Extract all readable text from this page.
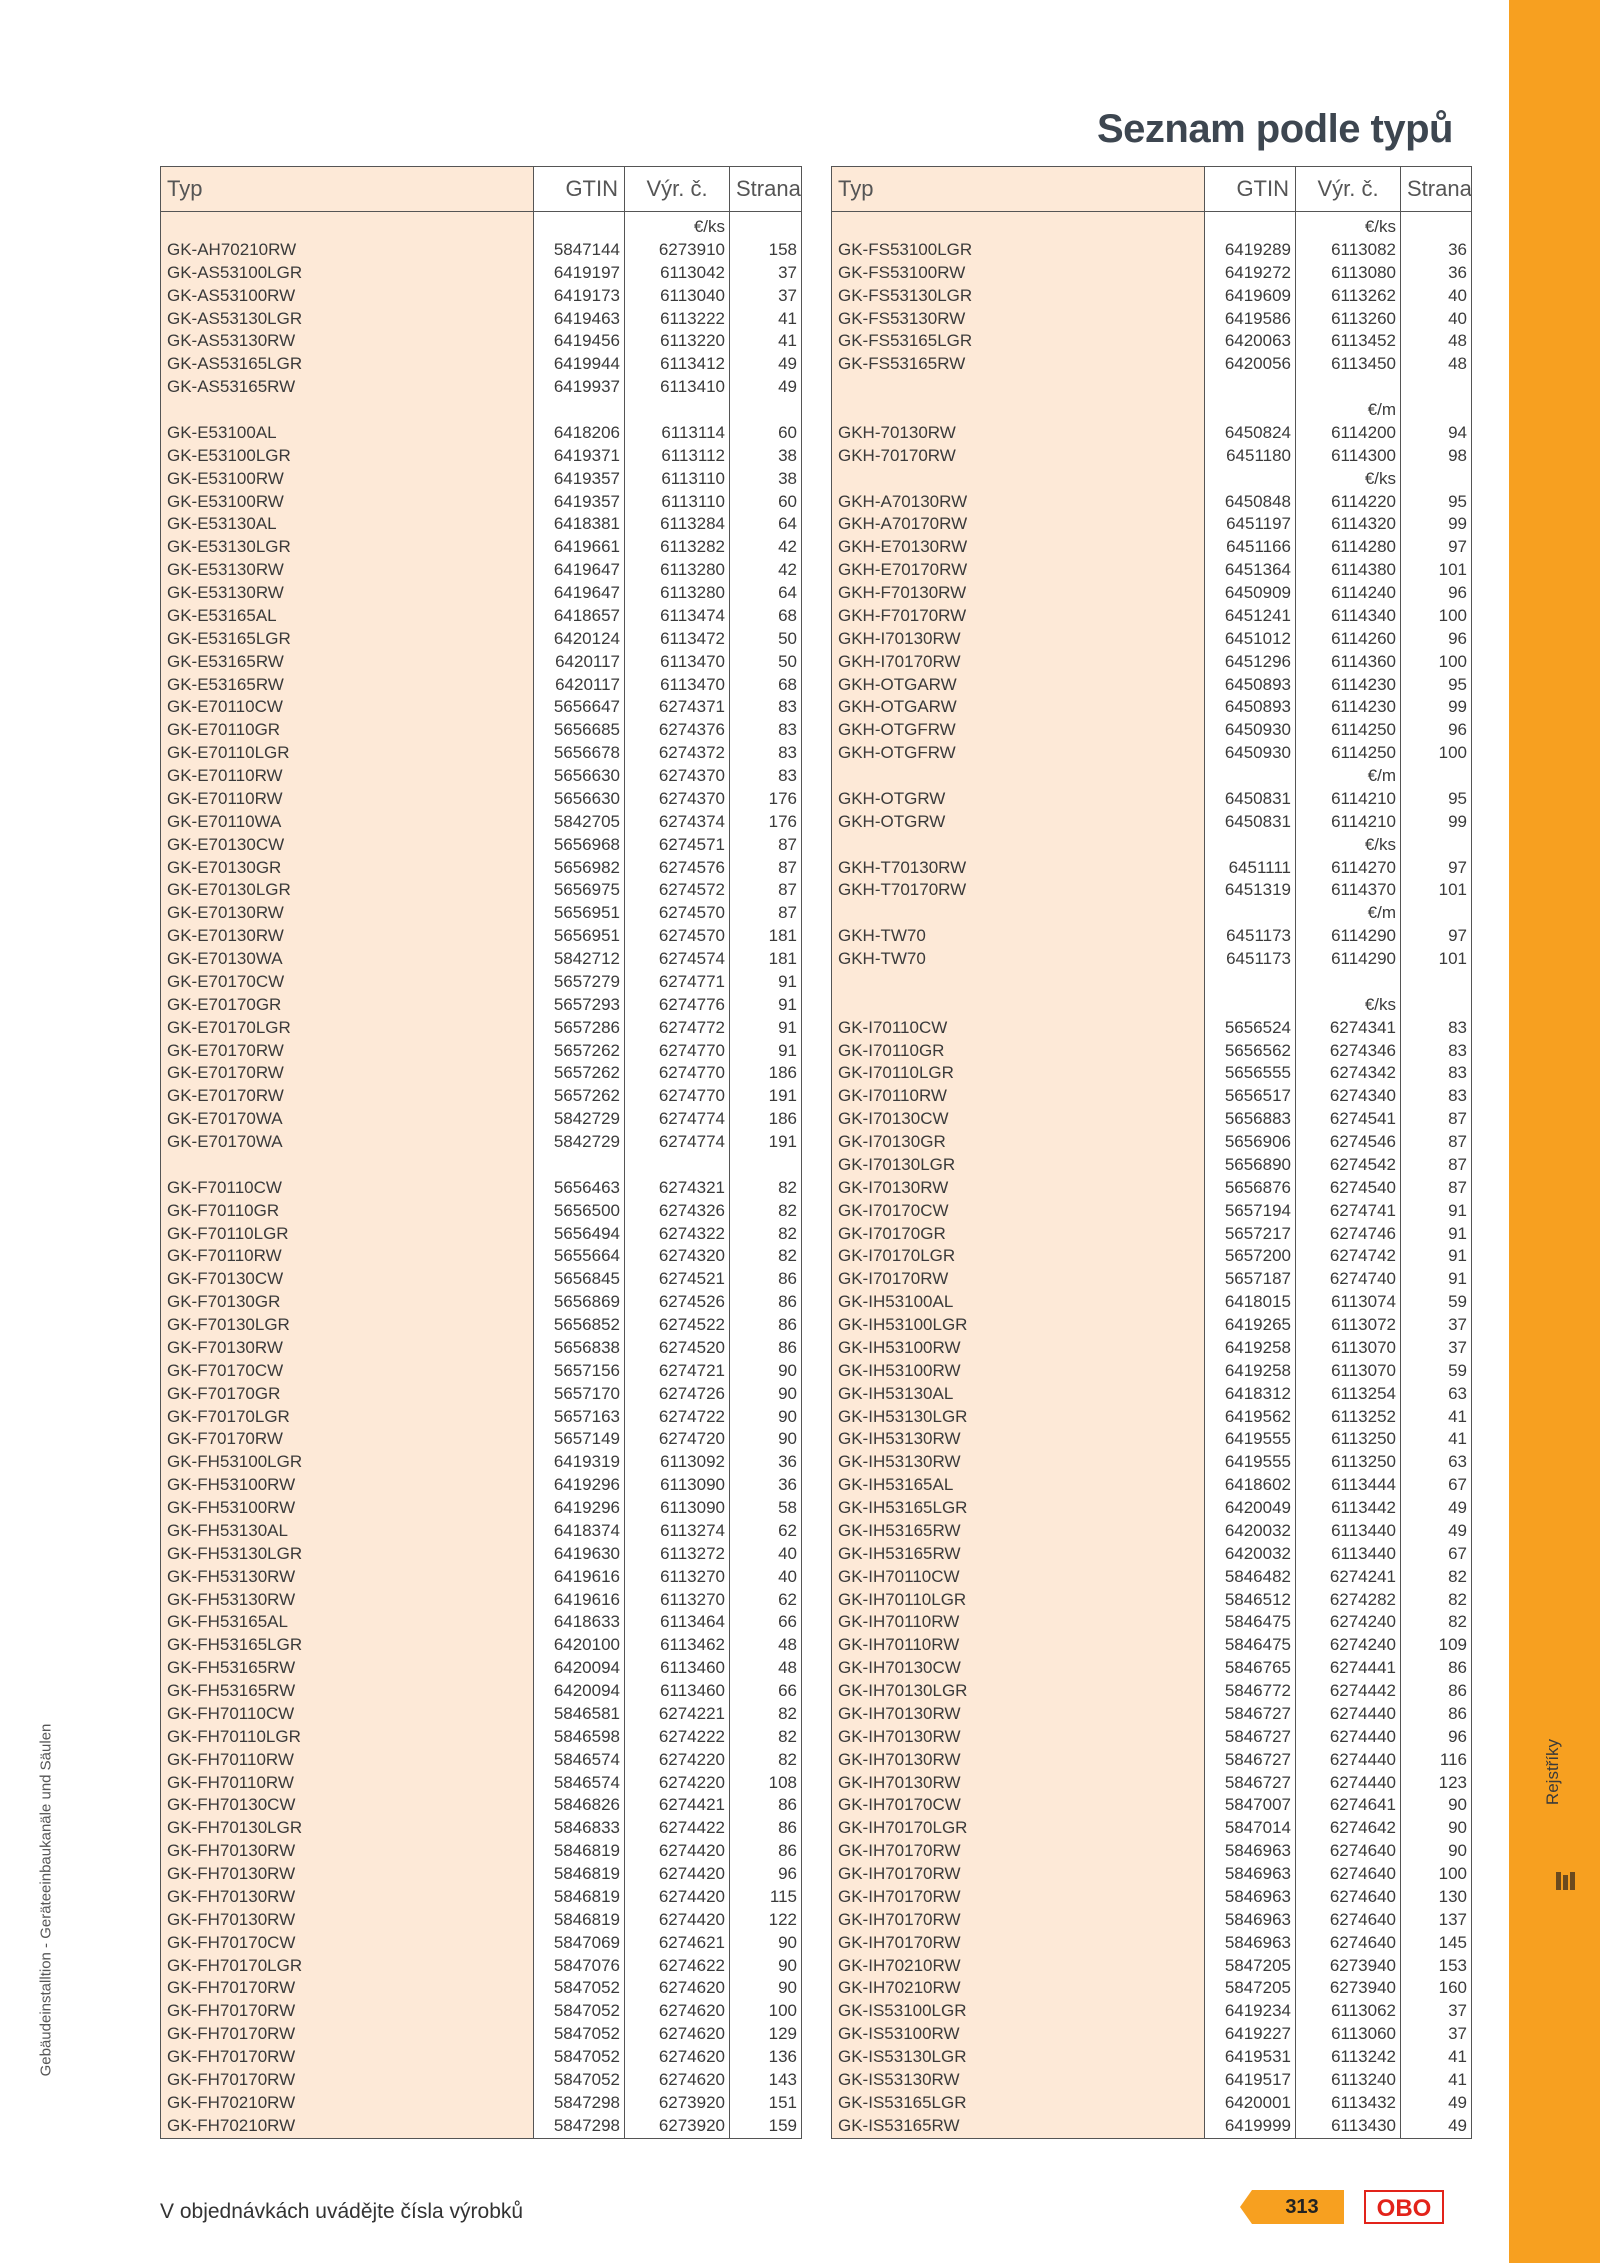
Rejstříky
Gebäudeinstalltion - Geräteeinbaukanäle und Säulen
Seznam podle typů
Typ	GTIN	Výr. č.	Strana
		€/ks	
GK-AH70210RW	5847144	6273910	158
GK-AS53100LGR	6419197	6113042	37
GK-AS53100RW	6419173	6113040	37
GK-AS53130LGR	6419463	6113222	41
GK-AS53130RW	6419456	6113220	41
GK-AS53165LGR	6419944	6113412	49
GK-AS53165RW	6419937	6113410	49

GK-E53100AL	6418206	6113114	60
GK-E53100LGR	6419371	6113112	38
GK-E53100RW	6419357	6113110	38
GK-E53100RW	6419357	6113110	60
GK-E53130AL	6418381	6113284	64
GK-E53130LGR	6419661	6113282	42
GK-E53130RW	6419647	6113280	42
GK-E53130RW	6419647	6113280	64
GK-E53165AL	6418657	6113474	68
GK-E53165LGR	6420124	6113472	50
GK-E53165RW	6420117	6113470	50
GK-E53165RW	6420117	6113470	68
GK-E70110CW	5656647	6274371	83
GK-E70110GR	5656685	6274376	83
GK-E70110LGR	5656678	6274372	83
GK-E70110RW	5656630	6274370	83
GK-E70110RW	5656630	6274370	176
GK-E70110WA	5842705	6274374	176
GK-E70130CW	5656968	6274571	87
GK-E70130GR	5656982	6274576	87
GK-E70130LGR	5656975	6274572	87
GK-E70130RW	5656951	6274570	87
GK-E70130RW	5656951	6274570	181
GK-E70130WA	5842712	6274574	181
GK-E70170CW	5657279	6274771	91
GK-E70170GR	5657293	6274776	91
GK-E70170LGR	5657286	6274772	91
GK-E70170RW	5657262	6274770	91
GK-E70170RW	5657262	6274770	186
GK-E70170RW	5657262	6274770	191
GK-E70170WA	5842729	6274774	186
GK-E70170WA	5842729	6274774	191

GK-F70110CW	5656463	6274321	82
GK-F70110GR	5656500	6274326	82
GK-F70110LGR	5656494	6274322	82
GK-F70110RW	5655664	6274320	82
GK-F70130CW	5656845	6274521	86
GK-F70130GR	5656869	6274526	86
GK-F70130LGR	5656852	6274522	86
GK-F70130RW	5656838	6274520	86
GK-F70170CW	5657156	6274721	90
GK-F70170GR	5657170	6274726	90
GK-F70170LGR	5657163	6274722	90
GK-F70170RW	5657149	6274720	90
GK-FH53100LGR	6419319	6113092	36
GK-FH53100RW	6419296	6113090	36
GK-FH53100RW	6419296	6113090	58
GK-FH53130AL	6418374	6113274	62
GK-FH53130LGR	6419630	6113272	40
GK-FH53130RW	6419616	6113270	40
GK-FH53130RW	6419616	6113270	62
GK-FH53165AL	6418633	6113464	66
GK-FH53165LGR	6420100	6113462	48
GK-FH53165RW	6420094	6113460	48
GK-FH53165RW	6420094	6113460	66
GK-FH70110CW	5846581	6274221	82
GK-FH70110LGR	5846598	6274222	82
GK-FH70110RW	5846574	6274220	82
GK-FH70110RW	5846574	6274220	108
GK-FH70130CW	5846826	6274421	86
GK-FH70130LGR	5846833	6274422	86
GK-FH70130RW	5846819	6274420	86
GK-FH70130RW	5846819	6274420	96
GK-FH70130RW	5846819	6274420	115
GK-FH70130RW	5846819	6274420	122
GK-FH70170CW	5847069	6274621	90
GK-FH70170LGR	5847076	6274622	90
GK-FH70170RW	5847052	6274620	90
GK-FH70170RW	5847052	6274620	100
GK-FH70170RW	5847052	6274620	129
GK-FH70170RW	5847052	6274620	136
GK-FH70170RW	5847052	6274620	143
GK-FH70210RW	5847298	6273920	151
GK-FH70210RW	5847298	6273920	159
Typ	GTIN	Výr. č.	Strana
		€/ks	
GK-FS53100LGR	6419289	6113082	36
GK-FS53100RW	6419272	6113080	36
GK-FS53130LGR	6419609	6113262	40
GK-FS53130RW	6419586	6113260	40
GK-FS53165LGR	6420063	6113452	48
GK-FS53165RW	6420056	6113450	48

		€/m	
GKH-70130RW	6450824	6114200	94
GKH-70170RW	6451180	6114300	98
		€/ks	
GKH-A70130RW	6450848	6114220	95
GKH-A70170RW	6451197	6114320	99
GKH-E70130RW	6451166	6114280	97
GKH-E70170RW	6451364	6114380	101
GKH-F70130RW	6450909	6114240	96
GKH-F70170RW	6451241	6114340	100
GKH-I70130RW	6451012	6114260	96
GKH-I70170RW	6451296	6114360	100
GKH-OTGARW	6450893	6114230	95
GKH-OTGARW	6450893	6114230	99
GKH-OTGFRW	6450930	6114250	96
GKH-OTGFRW	6450930	6114250	100
		€/m	
GKH-OTGRW	6450831	6114210	95
GKH-OTGRW	6450831	6114210	99
		€/ks	
GKH-T70130RW	6451111	6114270	97
GKH-T70170RW	6451319	6114370	101
		€/m	
GKH-TW70	6451173	6114290	97
GKH-TW70	6451173	6114290	101

		€/ks	
GK-I70110CW	5656524	6274341	83
GK-I70110GR	5656562	6274346	83
GK-I70110LGR	5656555	6274342	83
GK-I70110RW	5656517	6274340	83
GK-I70130CW	5656883	6274541	87
GK-I70130GR	5656906	6274546	87
GK-I70130LGR	5656890	6274542	87
GK-I70130RW	5656876	6274540	87
GK-I70170CW	5657194	6274741	91
GK-I70170GR	5657217	6274746	91
GK-I70170LGR	5657200	6274742	91
GK-I70170RW	5657187	6274740	91
GK-IH53100AL	6418015	6113074	59
GK-IH53100LGR	6419265	6113072	37
GK-IH53100RW	6419258	6113070	37
GK-IH53100RW	6419258	6113070	59
GK-IH53130AL	6418312	6113254	63
GK-IH53130LGR	6419562	6113252	41
GK-IH53130RW	6419555	6113250	41
GK-IH53130RW	6419555	6113250	63
GK-IH53165AL	6418602	6113444	67
GK-IH53165LGR	6420049	6113442	49
GK-IH53165RW	6420032	6113440	49
GK-IH53165RW	6420032	6113440	67
GK-IH70110CW	5846482	6274241	82
GK-IH70110LGR	5846512	6274282	82
GK-IH70110RW	5846475	6274240	82
GK-IH70110RW	5846475	6274240	109
GK-IH70130CW	5846765	6274441	86
GK-IH70130LGR	5846772	6274442	86
GK-IH70130RW	5846727	6274440	86
GK-IH70130RW	5846727	6274440	96
GK-IH70130RW	5846727	6274440	116
GK-IH70130RW	5846727	6274440	123
GK-IH70170CW	5847007	6274641	90
GK-IH70170LGR	5847014	6274642	90
GK-IH70170RW	5846963	6274640	90
GK-IH70170RW	5846963	6274640	100
GK-IH70170RW	5846963	6274640	130
GK-IH70170RW	5846963	6274640	137
GK-IH70170RW	5846963	6274640	145
GK-IH70210RW	5847205	6273940	153
GK-IH70210RW	5847205	6273940	160
GK-IS53100LGR	6419234	6113062	37
GK-IS53100RW	6419227	6113060	37
GK-IS53130LGR	6419531	6113242	41
GK-IS53130RW	6419517	6113240	41
GK-IS53165LGR	6420001	6113432	49
GK-IS53165RW	6419999	6113430	49
V objednávkách uvádějte čísla výrobků	313	OBO
